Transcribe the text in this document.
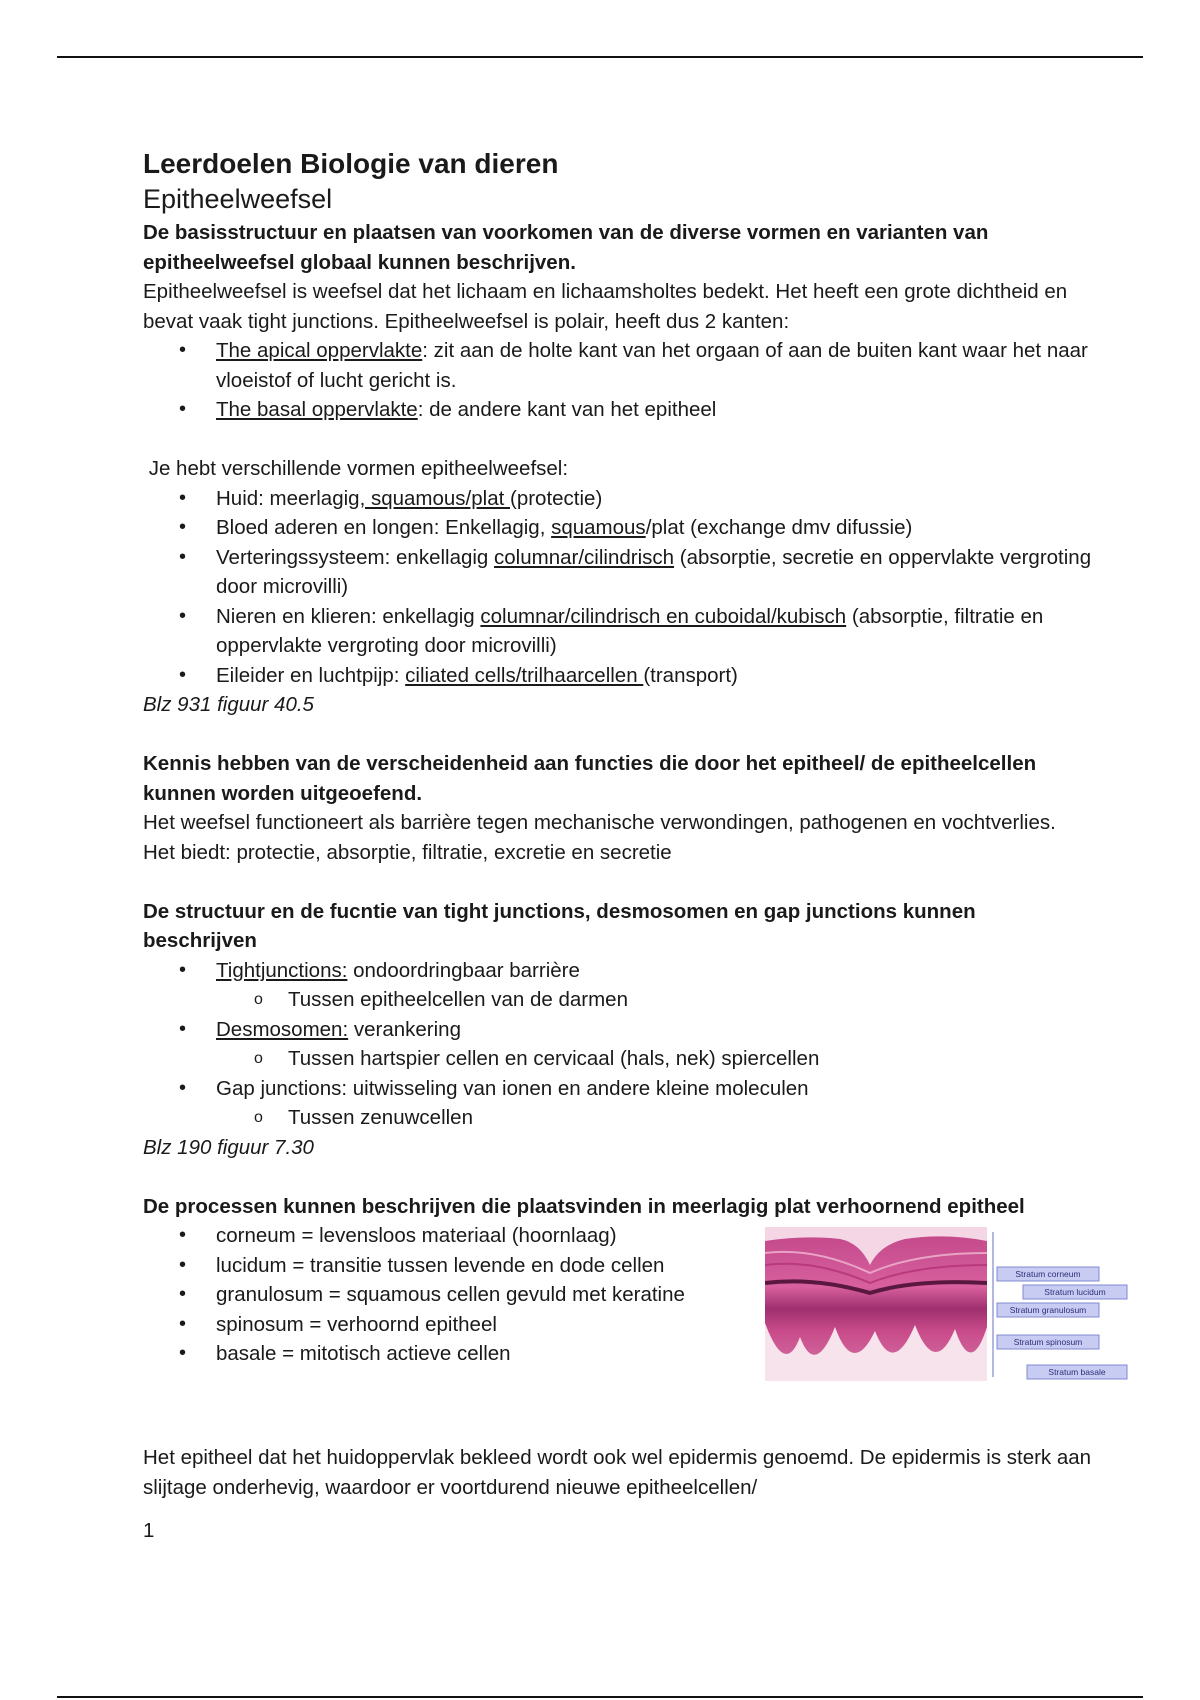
Leerdoelen Biologie van dieren

Epitheelweefsel

De basisstructuur en plaatsen van voorkomen van de diverse vormen en varianten van epitheelweefsel globaal kunnen beschrijven.

Epitheelweefsel is weefsel dat het lichaam en lichaamsholtes bedekt. Het heeft een grote dichtheid en bevat vaak tight junctions. Epitheelweefsel is polair, heeft dus 2 kanten:

• The apical oppervlakte: zit aan de holte kant van het orgaan of aan de buiten kant waar het naar vloeistof of lucht gericht is.
• The basal oppervlakte: de andere kant van het epitheel

Je hebt verschillende vormen epitheelweefsel:

• Huid: meerlagig, squamous/plat (protectie)
• Bloed aderen en longen: Enkellagig, squamous/plat (exchange dmv difussie)
• Verteringssysteem: enkellagig columnar/cilindrisch (absorptie, secretie en oppervlakte vergroting door microvilli)
• Nieren en klieren: enkellagig columnar/cilindrisch en cuboidal/kubisch (absorptie, filtratie en oppervlakte vergroting door microvilli)
• Eileider en luchtpijp: ciliated cells/trilhaarcellen (transport)

Blz 931 figuur 40.5

Kennis hebben van de verscheidenheid aan functies die door het epitheel/ de epitheelcellen kunnen worden uitgeoefend.

Het weefsel functioneert als barrière tegen mechanische verwondingen, pathogenen en vochtverlies. Het biedt: protectie, absorptie, filtratie, excretie en secretie

De structuur en de fucntie van tight junctions, desmosomen en gap junctions kunnen beschrijven

• Tightjunctions: ondoordringbaar barrière
o Tussen epitheelcellen van de darmen
• Desmosomen: verankering
o Tussen hartspier cellen en cervicaal (hals, nek) spiercellen
• Gap junctions: uitwisseling van ionen en andere kleine moleculen
o Tussen zenuwcellen

Blz 190 figuur 7.30

De processen kunnen beschrijven die plaatsvinden in meerlagig plat verhoornend epitheel

• corneum = levensloos materiaal (hoornlaag)
• lucidum = transitie tussen levende en dode cellen
• granulosum = squamous cellen gevuld met keratine
• spinosum = verhoornd epitheel
• basale = mitotisch actieve cellen
Stratum corneum
Stratum lucidum
Stratum granulosum
Stratum spinosum
Stratum basale

Het epitheel dat het huidoppervlak bekleed wordt ook wel epidermis genoemd. De epidermis is sterk aan slijtage onderhevig, waardoor er voortdurend nieuwe epitheelcellen/

1
